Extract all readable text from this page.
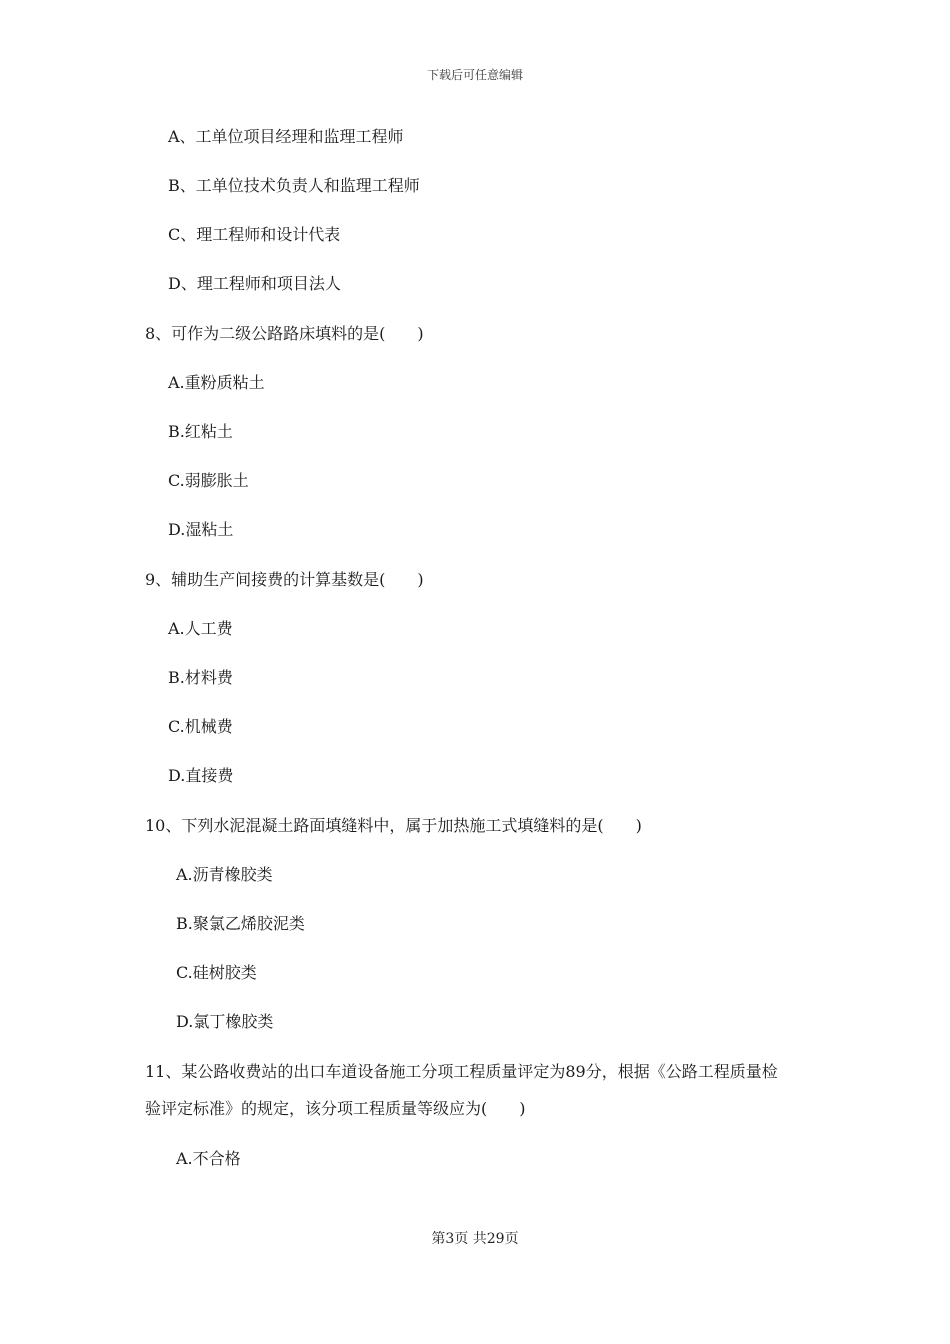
下载后可任意编辑
A、工单位项目经理和监理工程师
B、工单位技术负责人和监理工程师
C、理工程师和设计代表
D、理工程师和项目法人
8、可作为二级公路路床填料的是(　　)
A.重粉质粘土
B.红粘土
C.弱膨胀土
D.湿粘土
9、辅助生产间接费的计算基数是(　　)
A.人工费
B.材料费
C.机械费
D.直接费
10、下列水泥混凝土路面填缝料中，属于加热施工式填缝料的是(　　)
A.沥青橡胶类
B.聚氯乙烯胶泥类
C.硅树胶类
D.氯丁橡胶类
11、某公路收费站的出口车道设备施工分项工程质量评定为89分，根据《公路工程质量检
验评定标准》的规定，该分项工程质量等级应为(　　)
A.不合格
第3页 共29页
